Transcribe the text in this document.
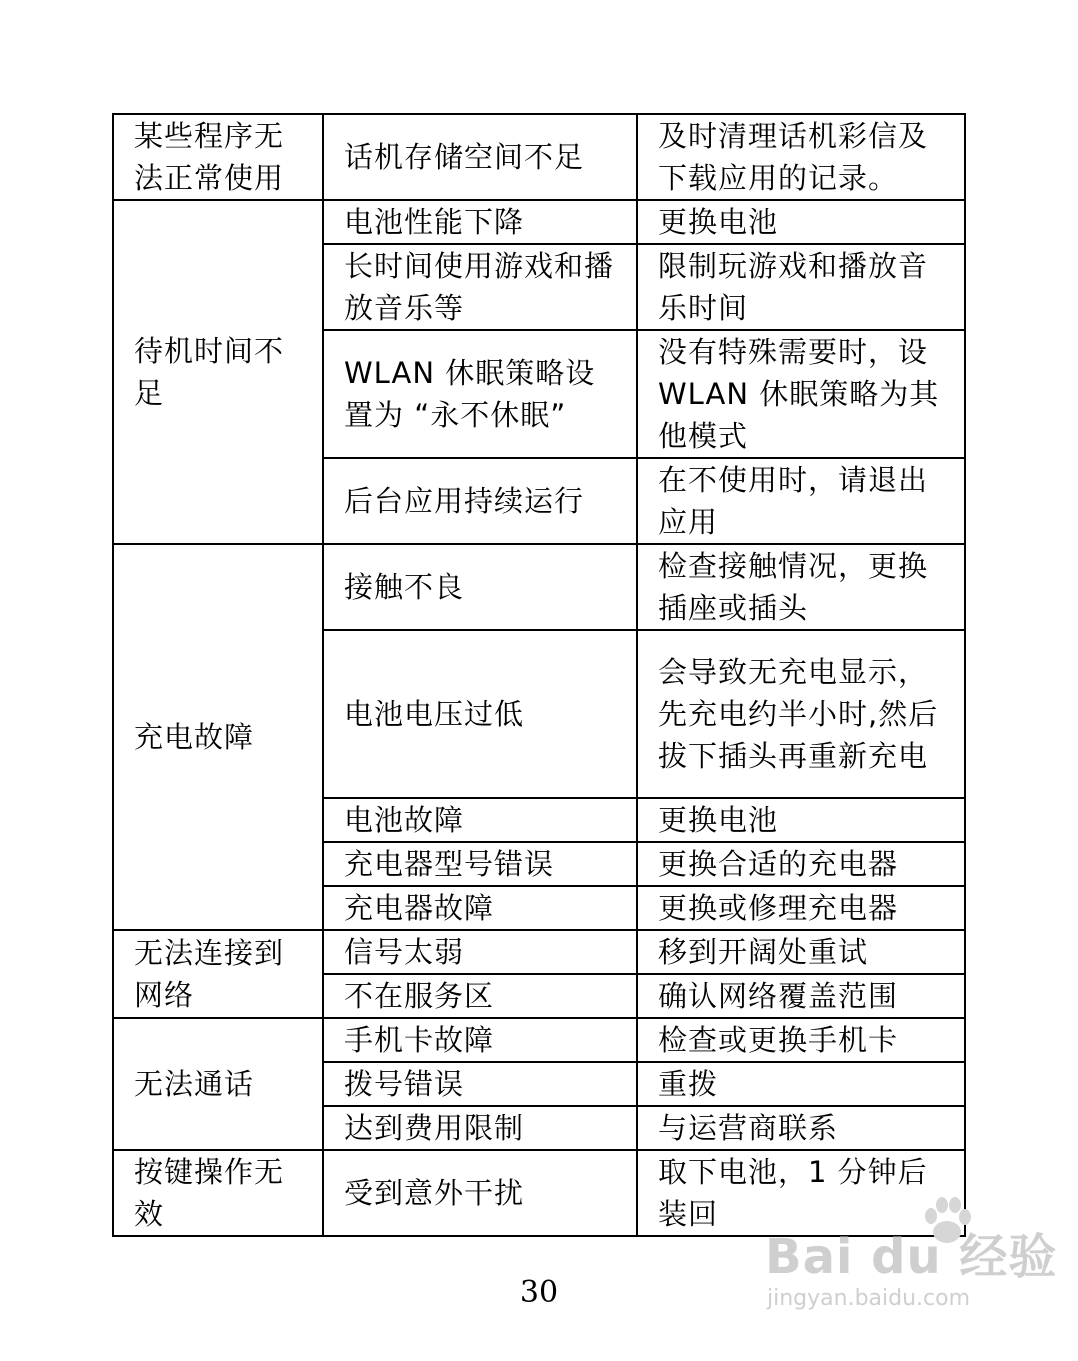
某些程序无法正常使用	话机存储空间不足	及时清理话机彩信及下载应用的记录。
待机时间不足	电池性能下降	更换电池
	长时间使用游戏和播放音乐等	限制玩游戏和播放音乐时间
	WLAN 休眠策略设置为 “永不休眠”	没有特殊需要时，设 WLAN 休眠策略为其他模式
	后台应用持续运行	在不使用时，请退出应用
充电故障	接触不良	检查接触情况，更换插座或插头
	电池电压过低	会导致无充电显示，先充电约半小时,然后拔下插头再重新充电
	电池故障	更换电池
	充电器型号错误	更换合适的充电器
	充电器故障	更换或修理充电器
无法连接到网络	信号太弱	移到开阔处重试
	不在服务区	确认网络覆盖范围
无法通话	手机卡故障	检查或更换手机卡
	拨号错误	重拨
	达到费用限制	与运营商联系
按键操作无效	受到意外干扰	取下电池，1 分钟后装回
30
Bai du 经验
jingyan.baidu.com
